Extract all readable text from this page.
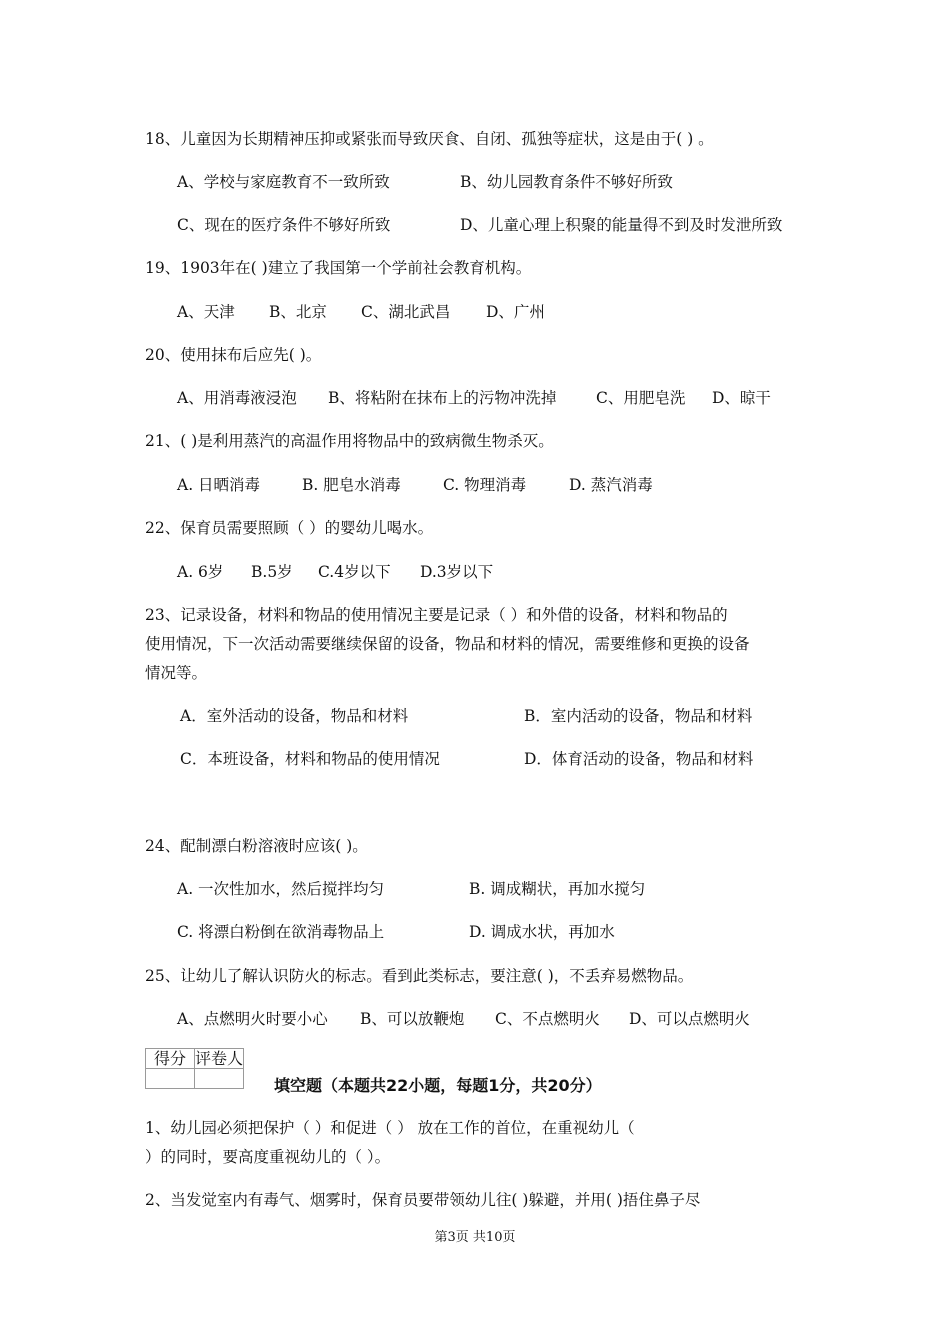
18、儿童因为长期精神压抑或紧张而导致厌食、自闭、孤独等症状，这是由于( ) 。
A、学校与家庭教育不一致所致	B、幼儿园教育条件不够好所致
C、现在的医疗条件不够好所致	D、儿童心理上积聚的能量得不到及时发泄所致
19、1903年在( )建立了我国第一个学前社会教育机构。
A、天津 B、北京 C、湖北武昌 D、广州
20、使用抹布后应先( )。
A、用消毒液浸泡 B、将粘附在抹布上的污物冲洗掉	C、用肥皂洗 D、晾干
21、( )是利用蒸汽的高温作用将物品中的致病微生物杀灭。
A. 日晒消毒	B. 肥皂水消毒	C. 物理消毒	D. 蒸汽消毒
22、保育员需要照顾（ ）的婴幼儿喝水。
A. 6岁 B.5岁 C.4岁以下 D.3岁以下
23、记录设备，材料和物品的使用情况主要是记录（ ）和外借的设备，材料和物品的
使用情况，下一次活动需要继续保留的设备，物品和材料的情况，需要维修和更换的设备
情况等。
A．室外活动的设备，物品和材料	B．室内活动的设备，物品和材料
C．本班设备，材料和物品的使用情况	D．体育活动的设备，物品和材料
24、配制漂白粉溶液时应该( )。
A. 一次性加水，然后搅拌均匀	B. 调成糊状，再加水搅匀
C. 将漂白粉倒在欲消毒物品上	D. 调成水状，再加水
25、让幼儿了解认识防火的标志。看到此类标志，要注意( )，不丢弃易燃物品。
A、点燃明火时要小心 B、可以放鞭炮 C、不点燃明火 D、可以点燃明火
得分	评卷人

填空题（本题共22小题，每题1分，共20分）
1、幼儿园必须把保护（ ）和促进（ ） 放在工作的首位，在重视幼儿（
）的同时，要高度重视幼儿的（ ）。
2、当发觉室内有毒气、烟雾时，保育员要带领幼儿往( )躲避，并用( )捂住鼻子尽
第3页 共10页
